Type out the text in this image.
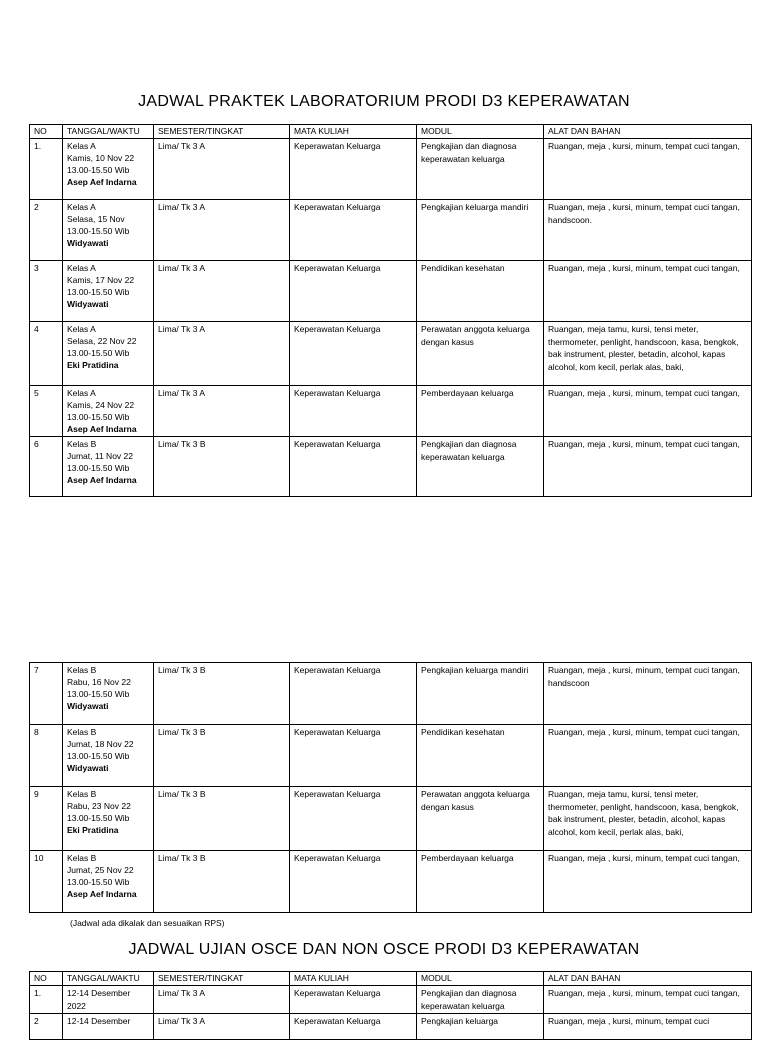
JADWAL PRAKTEK LABORATORIUM PRODI D3 KEPERAWATAN
NO	TANGGAL/WAKTU	SEMESTER/TINGKAT	MATA KULIAH	MODUL	ALAT DAN BAHAN
1.	Kelas A
Kamis, 10 Nov 22
13.00-15.50 Wib
Asep Aef Indarna	Lima/ Tk 3 A	Keperawatan Keluarga	Pengkajian dan diagnosa keperawatan keluarga	Ruangan, meja , kursi, minum, tempat cuci tangan,
2	Kelas A
Selasa, 15 Nov
13.00-15.50 Wib
Widyawati	Lima/ Tk 3 A	Keperawatan Keluarga	Pengkajian keluarga mandiri	Ruangan, meja , kursi, minum, tempat cuci tangan, handscoon.
3	Kelas A
Kamis, 17 Nov 22
13.00-15.50 Wib
Widyawati	Lima/ Tk 3 A	Keperawatan Keluarga	Pendidikan kesehatan	Ruangan, meja , kursi, minum, tempat cuci tangan,
4	Kelas A
Selasa, 22 Nov 22
13.00-15.50 Wib
Eki Pratidina	Lima/ Tk 3 A	Keperawatan Keluarga	Perawatan anggota keluarga dengan kasus	Ruangan, meja tamu, kursi, tensi meter, thermometer, penlight, handscoon, kasa, bengkok, bak instrument, plester, betadin, alcohol, kapas alcohol, kom kecil, perlak alas, baki,
5	Kelas A
Kamis, 24 Nov 22
13.00-15.50 Wib
Asep Aef Indarna	Lima/ Tk 3 A	Keperawatan Keluarga	Pemberdayaan keluarga	Ruangan, meja , kursi, minum, tempat cuci tangan,
6	Kelas B
Jumat, 11 Nov 22
13.00-15.50 Wib
Asep Aef Indarna	Lima/ Tk 3 B	Keperawatan Keluarga	Pengkajian dan diagnosa keperawatan keluarga	Ruangan, meja , kursi, minum, tempat cuci tangan,
7	Kelas B
Rabu, 16 Nov 22
13.00-15.50 Wib
Widyawati	Lima/ Tk 3 B	Keperawatan Keluarga	Pengkajian keluarga mandiri	Ruangan, meja , kursi, minum, tempat cuci tangan, handscoon
8	Kelas B
Jumat, 18 Nov 22
13.00-15.50 Wib
Widyawati	Lima/ Tk 3 B	Keperawatan Keluarga	Pendidikan kesehatan	Ruangan, meja , kursi, minum, tempat cuci tangan,
9	Kelas B
Rabu, 23 Nov 22
13.00-15.50 Wib
Eki Pratidina	Lima/ Tk 3 B	Keperawatan Keluarga	Perawatan anggota keluarga dengan kasus	Ruangan, meja tamu, kursi, tensi meter, thermometer, penlight, handscoon, kasa, bengkok, bak instrument, plester, betadin, alcohol, kapas alcohol, kom kecil, perlak alas, baki,
10	Kelas B
Jumat, 25 Nov 22
13.00-15.50 Wib
Asep Aef Indarna	Lima/ Tk 3 B	Keperawatan Keluarga	Pemberdayaan keluarga	Ruangan, meja , kursi, minum, tempat cuci tangan,
(Jadwal ada dikalak dan sesuaikan RPS)
JADWAL UJIAN OSCE DAN NON OSCE PRODI D3 KEPERAWATAN
NO	TANGGAL/WAKTU	SEMESTER/TINGKAT	MATA KULIAH	MODUL	ALAT DAN BAHAN
1.	12-14 Desember 2022	Lima/ Tk 3 A	Keperawatan Keluarga	Pengkajian dan diagnosa keperawatan keluarga	Ruangan, meja , kursi, minum, tempat cuci tangan,
2	12-14 Desember	Lima/ Tk 3 A	Keperawatan Keluarga	Pengkajian keluarga	Ruangan, meja , kursi, minum, tempat cuci
